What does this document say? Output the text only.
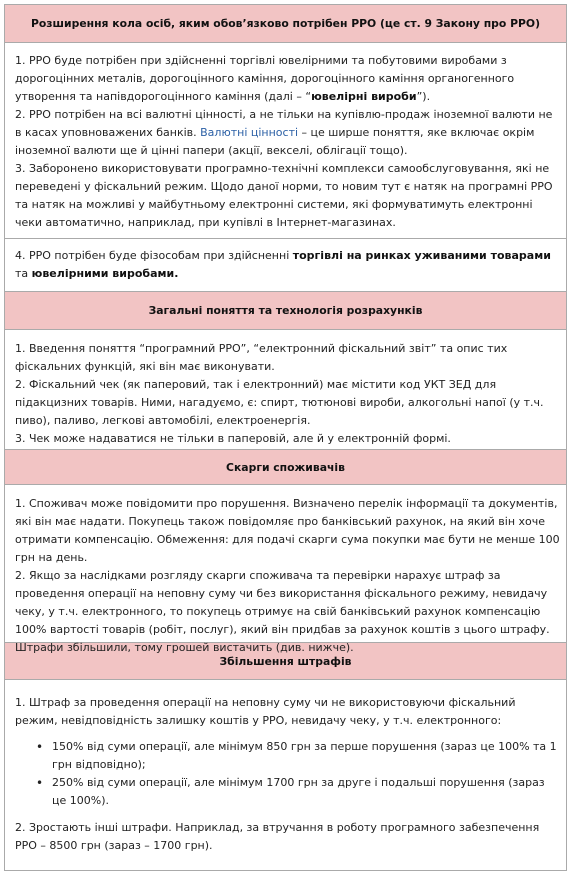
Розширення кола осіб, яким обов’язково потрібен РРО (це ст. 9 Закону про РРО)

1. РРО буде потрібен при здійсненні торгівлі ювелірними та побутовими виробами з дорогоцінних металів, дорогоцінного каміння, дорогоцінного каміння органогенного утворення та напівдорогоцінного каміння (далі – “ювелірні вироби”).

2. РРО потрібен на всі валютні цінності, а не тільки на купівлю-продаж іноземної валюти не в касах уповноважених банків. Валютні цінності – це ширше поняття, яке включає окрім іноземної валюти ще й цінні папери (акції, векселі, облігації тощо).

3. Заборонено використовувати програмно-технічні комплекси самообслуговування, які не переведені у фіскальний режим. Щодо даної норми, то новим тут є натяк на програмні РРО та натяк на можливі у майбутньому електронні системи, які формуватимуть електронні чеки автоматично, наприклад, при купівлі в Інтернет-магазинах.

4. РРО потрібен буде фізособам при здійсненні торгівлі на ринках уживаними товарами та ювелірними виробами.

Загальні поняття та технологія розрахунків

1. Введення поняття “програмний РРО”, “електронний фіскальний звіт” та опис тих фіскальних функцій, які він має виконувати.

2. Фіскальний чек (як паперовий, так і електронний) має містити код УКТ ЗЕД для підакцизних товарів. Ними, нагадуємо, є: спирт, тютюнові вироби, алкогольні напої (у т.ч. пиво), паливо, легкові автомобілі, електроенергія.

3. Чек може надаватися не тільки в паперовій, але й у електронній формі.

Скарги споживачів

1. Споживач може повідомити про порушення. Визначено перелік інформації та документів, які він має надати. Покупець також повідомляє про банківський рахунок, на який він хоче отримати компенсацію. Обмеження: для подачі скарги сума покупки має бути не менше 100 грн на день.

2. Якщо за наслідками розгляду скарги споживача та перевірки нарахує штраф за проведення операції на неповну суму чи без використання фіскального режиму, невидачу чеку, у т.ч. електронного, то покупець отримує на свій банківський рахунок компенсацію 100% вартості товарів (робіт, послуг), який він придбав за рахунок коштів з цього штрафу. Штрафи збільшили, тому грошей вистачить (див. нижче).

Збільшення штрафів

1. Штраф за проведення операції на неповну суму чи не використовуючи фіскальний режим, невідповідність залишку коштів у РРО, невидачу чеку, у т.ч. електронного:

• 150% від суми операції, але мінімум 850 грн за перше порушення (зараз це 100% та 1 грн відповідно);
• 250% від суми операції, але мінімум 1700 грн за друге і подальші порушення (зараз це 100%).

2. Зростають інші штрафи. Наприклад, за втручання в роботу програмного забезпечення РРО – 8500 грн (зараз – 1700 грн).
